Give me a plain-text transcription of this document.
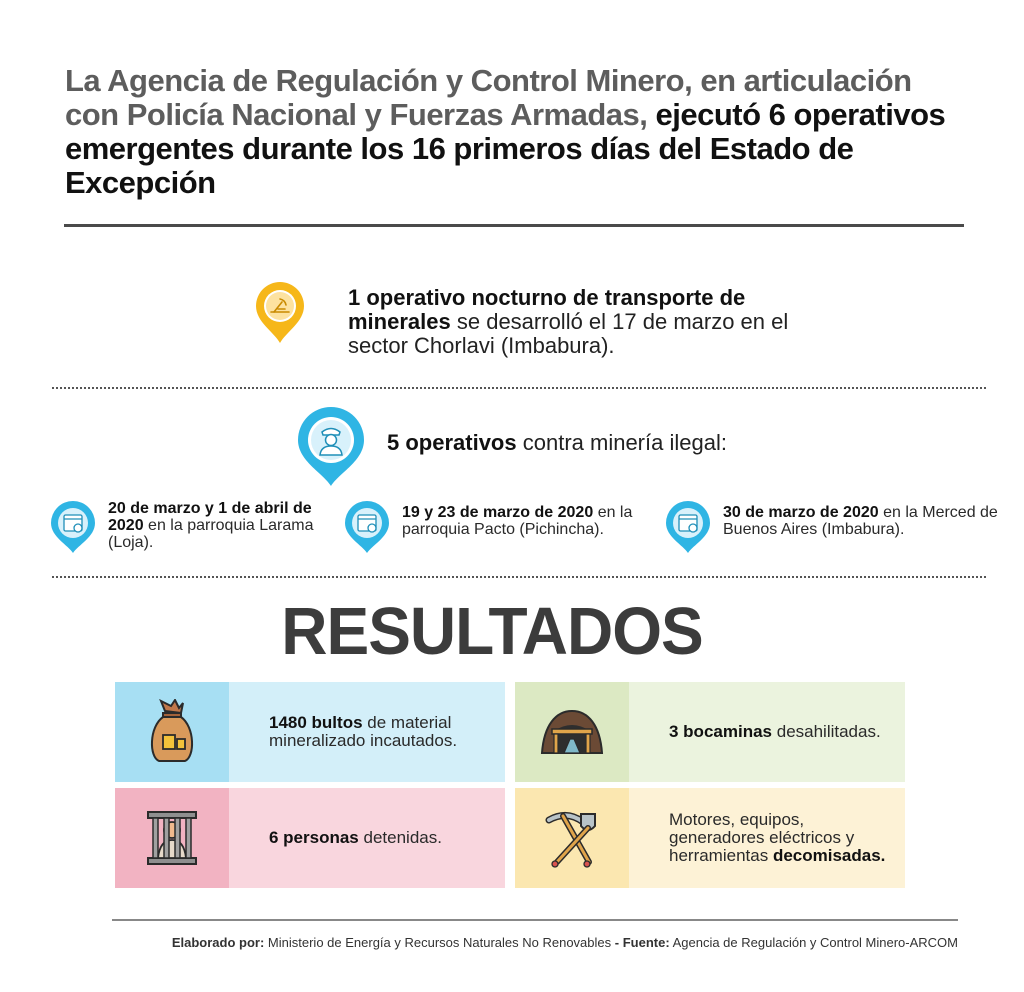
La Agencia de Regulación y Control Minero, en articulación con Policía Nacional y Fuerzas Armadas, ejecutó 6 operativos emergentes durante los 16 primeros días del Estado de Excepción
1 operativo nocturno de transporte de minerales se desarrolló el 17 de marzo en el sector Chorlavi (Imbabura).
5 operativos contra minería ilegal:
20 de marzo y 1 de abril de 2020 en la parroquia Larama (Loja).
19 y 23 de marzo de 2020 en la parroquia Pacto (Pichincha).
30 de marzo de 2020 en la Merced de Buenos Aires (Imbabura).
RESULTADOS
1480 bultos de material mineralizado incautados.	3 bocaminas desahilitadas.
6 personas detenidas.
Motores, equipos, generadores eléctricos y herramientas decomisadas.
Elaborado por: Ministerio de Energía y Recursos Naturales No Renovables - Fuente: Agencia de Regulación y Control Minero-ARCOM
